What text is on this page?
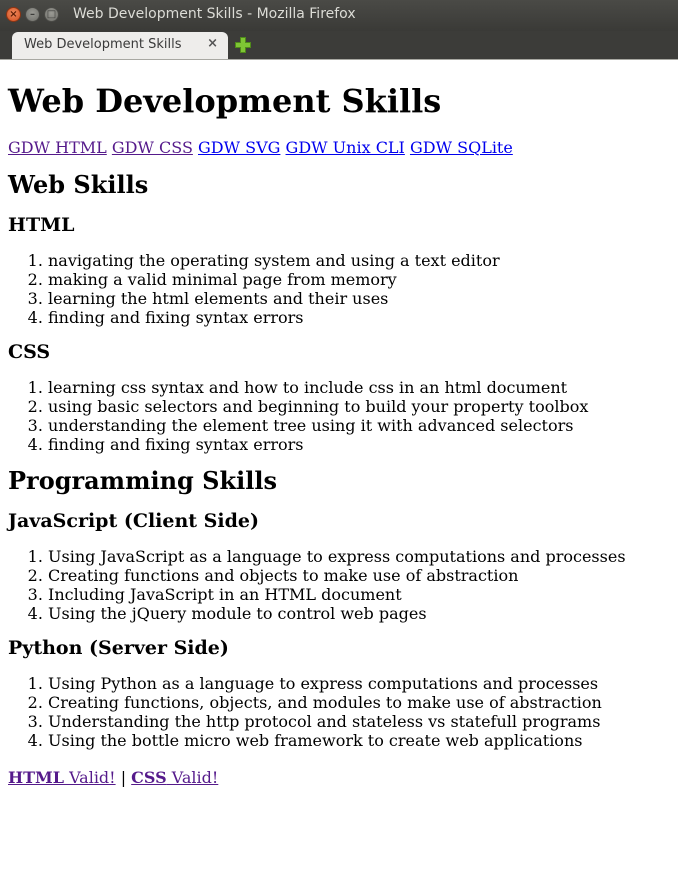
×	–	□ Web Development Skills - Mozilla Firefox
Web Development Skills ×
Web Development Skills
GDW HTML GDW CSS GDW SVG GDW Unix CLI GDW SQLite
Web Skills
HTML
1. navigating the operating system and using a text editor
2. making a valid minimal page from memory
3. learning the html elements and their uses
4. finding and fixing syntax errors
CSS
1. learning css syntax and how to include css in an html document
2. using basic selectors and beginning to build your property toolbox
3. understanding the element tree using it with advanced selectors
4. finding and fixing syntax errors
Programming Skills
JavaScript (Client Side)
1. Using JavaScript as a language to express computations and processes
2. Creating functions and objects to make use of abstraction
3. Including JavaScript in an HTML document
4. Using the jQuery module to control web pages
Python (Server Side)
1. Using Python as a language to express computations and processes
2. Creating functions, objects, and modules to make use of abstraction
3. Understanding the http protocol and stateless vs statefull programs
4. Using the bottle micro web framework to create web applications
HTML Valid! | CSS Valid!
